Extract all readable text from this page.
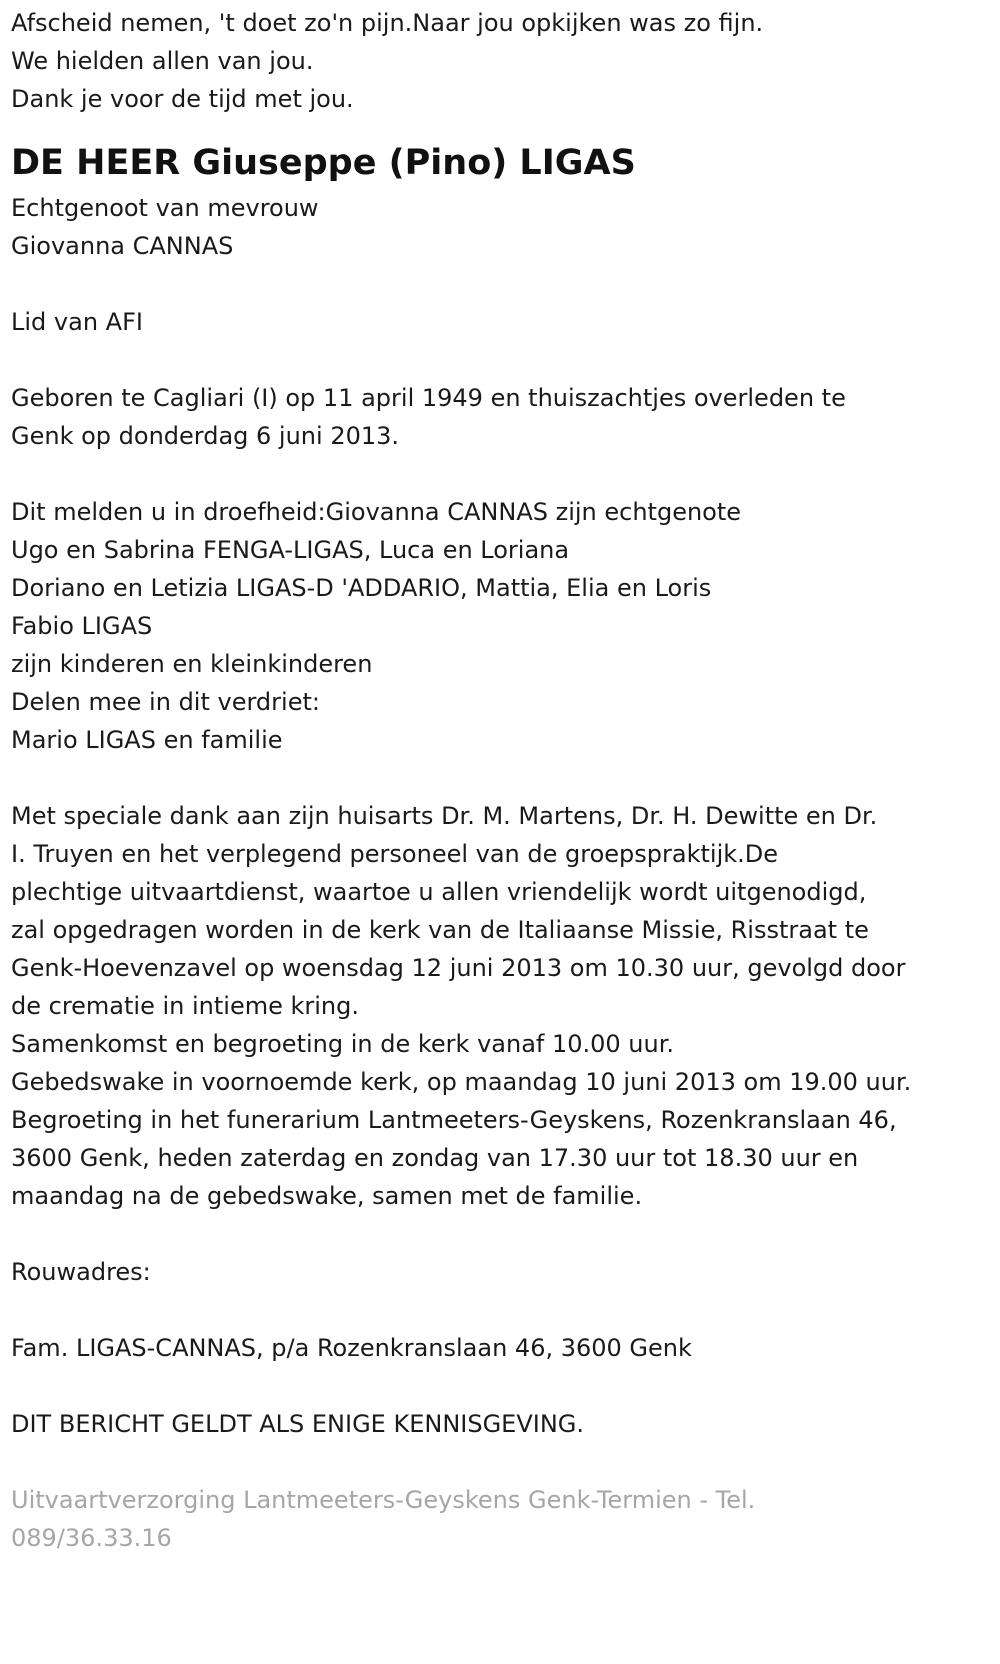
Afscheid nemen, 't doet zo'n pijn.Naar jou opkijken was zo fijn.

We hielden allen van jou.

Dank je voor de tijd met jou.

DE HEER Giuseppe (Pino) LIGAS

Echtgenoot van mevrouw

Giovanna CANNAS

Lid van AFI

Geboren te Cagliari (I) op 11 april 1949 en thuiszachtjes overleden te

Genk op donderdag 6 juni 2013.

Dit melden u in droefheid:Giovanna CANNAS zijn echtgenote

Ugo en Sabrina FENGA-LIGAS, Luca en Loriana

Doriano en Letizia LIGAS-D 'ADDARIO, Mattia, Elia en Loris

Fabio LIGAS

zijn kinderen en kleinkinderen

Delen mee in dit verdriet:

Mario LIGAS en familie

Met speciale dank aan zijn huisarts Dr. M. Martens, Dr. H. Dewitte en Dr.

I. Truyen en het verplegend personeel van de groepspraktijk.De

plechtige uitvaartdienst, waartoe u allen vriendelijk wordt uitgenodigd,

zal opgedragen worden in de kerk van de Italiaanse Missie, Risstraat te

Genk-Hoevenzavel op woensdag 12 juni 2013 om 10.30 uur, gevolgd door

de crematie in intieme kring.

Samenkomst en begroeting in de kerk vanaf 10.00 uur.

Gebedswake in voornoemde kerk, op maandag 10 juni 2013 om 19.00 uur.

Begroeting in het funerarium Lantmeeters-Geyskens, Rozenkranslaan 46,

3600 Genk, heden zaterdag en zondag van 17.30 uur tot 18.30 uur en

maandag na de gebedswake, samen met de familie.

Rouwadres:

Fam. LIGAS-CANNAS, p/a Rozenkranslaan 46, 3600 Genk

DIT BERICHT GELDT ALS ENIGE KENNISGEVING.

Uitvaartverzorging Lantmeeters-Geyskens Genk-Termien - Tel.

089/36.33.16
